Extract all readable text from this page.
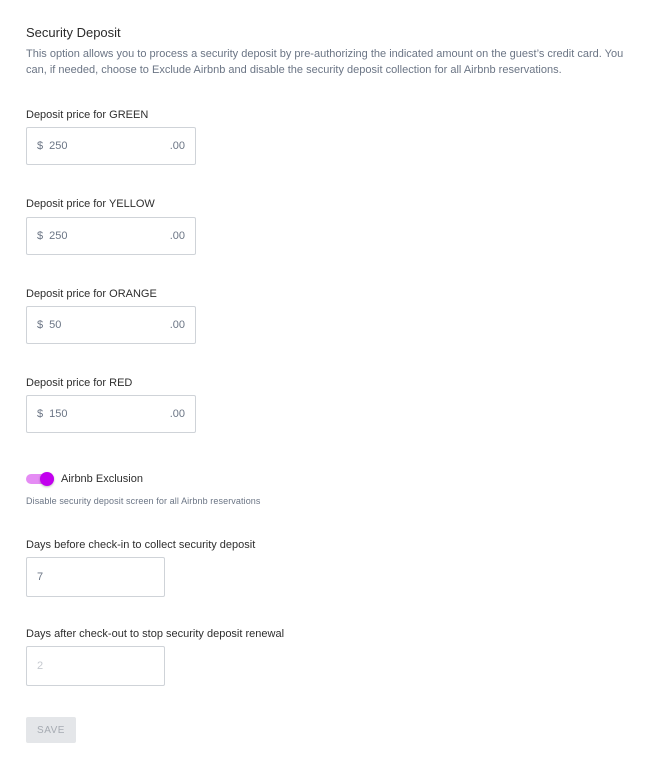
Security Deposit
This option allows you to process a security deposit by pre-authorizing the indicated amount on the guest’s credit card. You can, if needed, choose to Exclude Airbnb and disable the security deposit collection for all Airbnb reservations.
Deposit price for GREEN
$ 250	.00
Deposit price for YELLOW
$ 250	.00
Deposit price for ORANGE
$ 50	.00
Deposit price for RED
$ 150	.00
Airbnb Exclusion
Disable security deposit screen for all Airbnb reservations
Days before check-in to collect security deposit
7
Days after check-out to stop security deposit renewal
2
SAVE
